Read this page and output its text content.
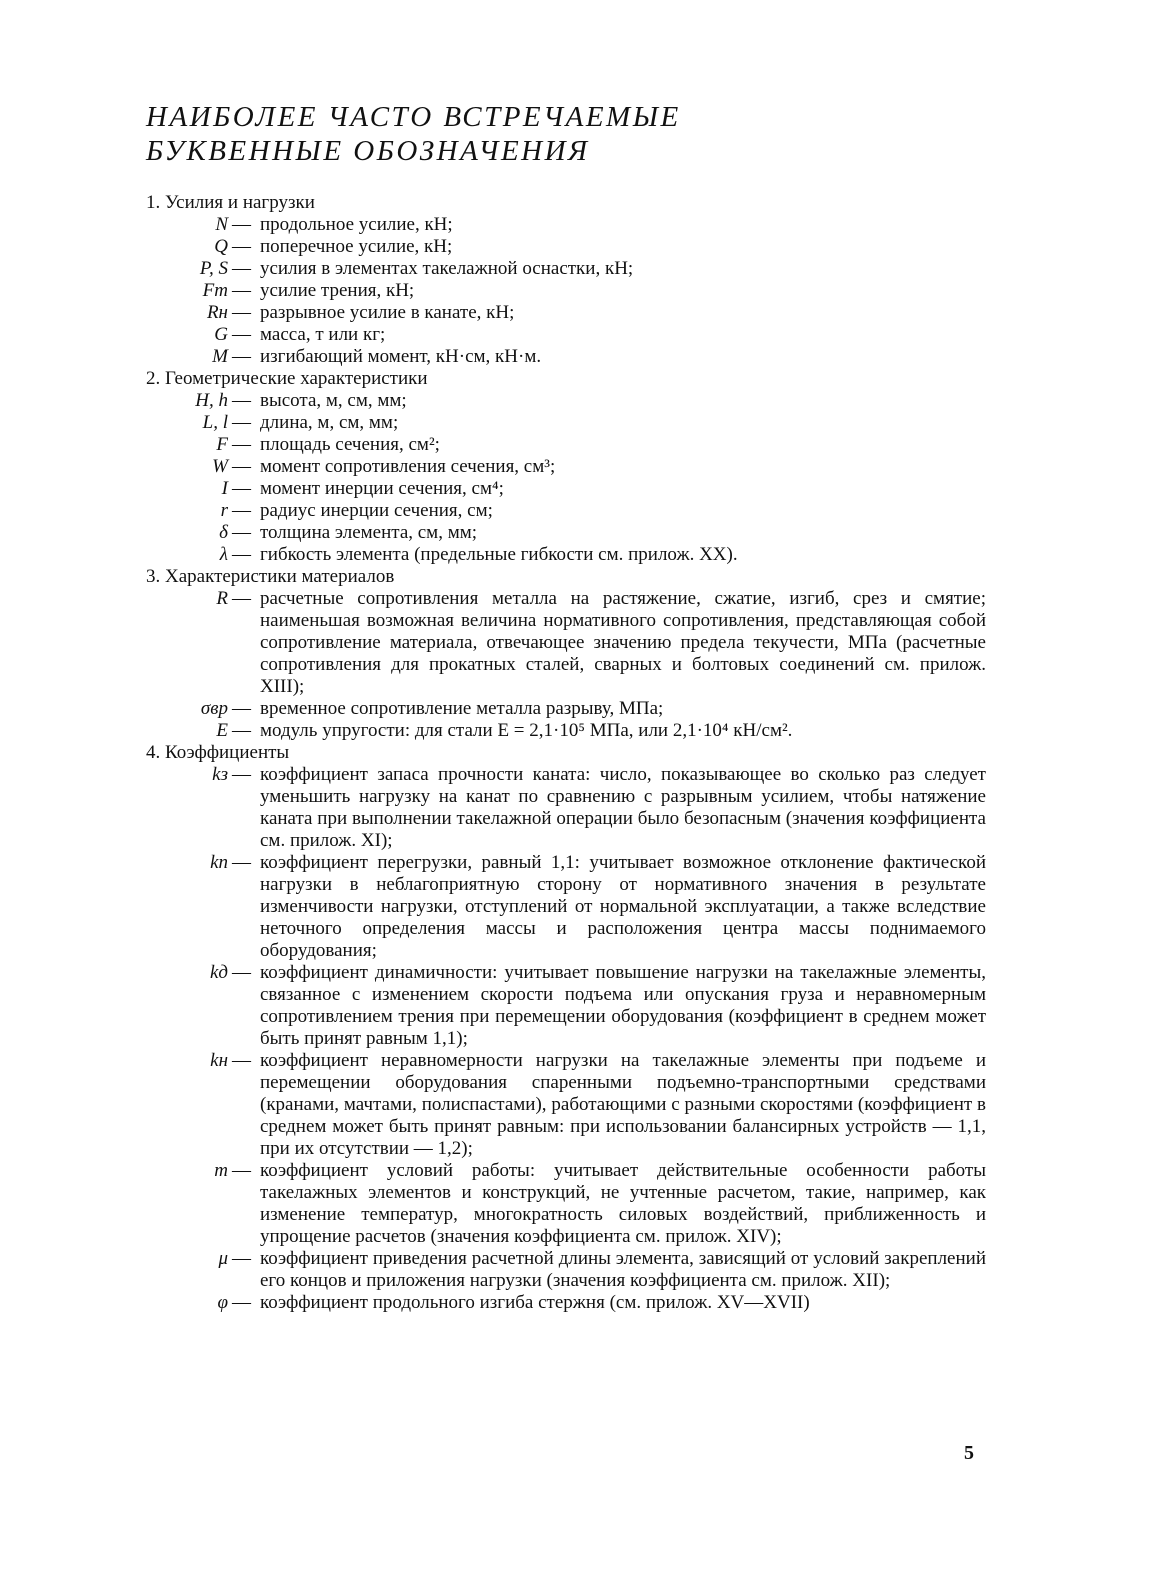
НАИБОЛЕЕ ЧАСТО ВСТРЕЧАЕМЫЕ
БУКВЕННЫЕ ОБОЗНАЧЕНИЯ
1. Усилия и нагрузки
N — продольное усилие, кН;
Q — поперечное усилие, кН;
P, S — усилия в элементах такелажной оснастки, кН;
Fт — усилие трения, кН;
Rн — разрывное усилие в канате, кН;
G — масса, т или кг;
M — изгибающий момент, кН·см, кН·м.
2. Геометрические характеристики
H, h — высота, м, см, мм;
L, l — длина, м, см, мм;
F — площадь сечения, см²;
W — момент сопротивления сечения, см³;
I — момент инерции сечения, см⁴;
r — радиус инерции сечения, см;
δ — толщина элемента, см, мм;
λ — гибкость элемента (предельные гибкости см. прилож. XX).
3. Характеристики материалов
R — расчетные сопротивления металла на растяжение, сжатие, изгиб, срез и смятие; наименьшая возможная величина нормативного сопротивления, представляющая собой сопротивление материала, отвечающее значению предела текучести, МПа (расчетные сопротивления для прокатных сталей, сварных и болтовых соединений см. прилож. XIII);
σвр — временное сопротивление металла разрыву, МПа;
E — модуль упругости: для стали E = 2,1·10⁵ МПа, или 2,1·10⁴ кН/см².
4. Коэффициенты
kз — коэффициент запаса прочности каната: число, показывающее во сколько раз следует уменьшить нагрузку на канат по сравнению с разрывным усилием, чтобы натяжение каната при выполнении такелажной операции было безопасным (значения коэффициента см. прилож. XI);
kп — коэффициент перегрузки, равный 1,1: учитывает возможное отклонение фактической нагрузки в неблагоприятную сторону от нормативного значения в результате изменчивости нагрузки, отступлений от нормальной эксплуатации, а также вследствие неточного определения массы и расположения центра массы поднимаемого оборудования;
kд — коэффициент динамичности: учитывает повышение нагрузки на такелажные элементы, связанное с изменением скорости подъема или опускания груза и неравномерным сопротивлением трения при перемещении оборудования (коэффициент в среднем может быть принят равным 1,1);
kн — коэффициент неравномерности нагрузки на такелажные элементы при подъеме и перемещении оборудования спаренными подъемно-транспортными средствами (кранами, мачтами, полиспастами), работающими с разными скоростями (коэффициент в среднем может быть принят равным: при использовании балансирных устройств — 1,1, при их отсутствии — 1,2);
m — коэффициент условий работы: учитывает действительные особенности работы такелажных элементов и конструкций, не учтенные расчетом, такие, например, как изменение температур, многократность силовых воздействий, приближенность и упрощение расчетов (значения коэффициента см. прилож. XIV);
μ — коэффициент приведения расчетной длины элемента, зависящий от условий закреплений его концов и приложения нагрузки (значения коэффициента см. прилож. XII);
φ — коэффициент продольного изгиба стержня (см. прилож. XV—XVII)
5
